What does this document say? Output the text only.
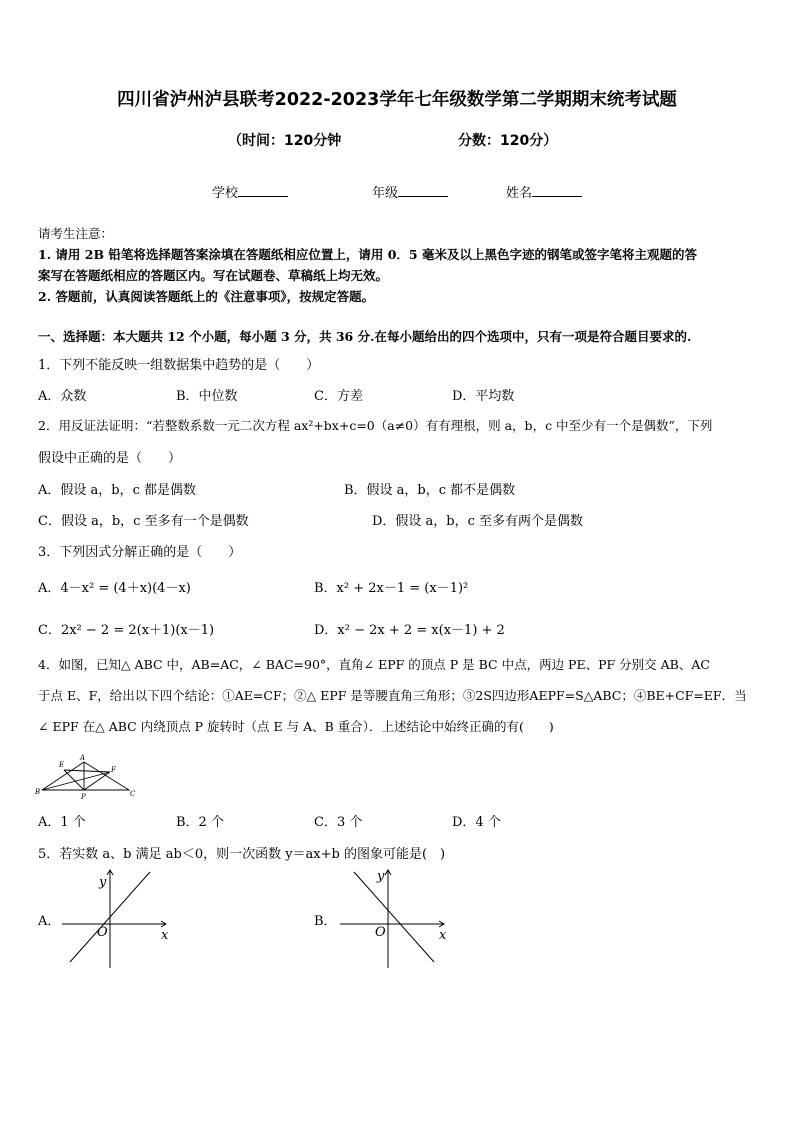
四川省泸州泸县联考2022-2023学年七年级数学第二学期期末统考试题
（时间：120分钟	分数：120分）
学校	年级	姓名
请考生注意：
1. 请用 2B 铅笔将选择题答案涂填在答题纸相应位置上，请用 0．5 毫米及以上黑色字迹的钢笔或签字笔将主观题的答
案写在答题纸相应的答题区内。写在试题卷、草稿纸上均无效。
2. 答题前，认真阅读答题纸上的《注意事项》，按规定答题。
一、选择题：本大题共 12 个小题，每小题 3 分，共 36 分.在每小题给出的四个选项中，只有一项是符合题目要求的.
1．下列不能反映一组数据集中趋势的是（　　）
A．众数	B．中位数	C．方差	D．平均数
2．用反证法证明：“若整数系数一元二次方程 ax²+bx+c=0（a≠0）有有理根，则 a，b，c 中至少有一个是偶数”，下列
假设中正确的是（　　）
A．假设 a，b，c 都是偶数	B．假设 a，b，c 都不是偶数
C．假设 a，b，c 至多有一个是偶数	D．假设 a，b，c 至多有两个是偶数
3．下列因式分解正确的是（　　）
A．4－x² = (4＋x)(4－x)	B．x² + 2x－1 = (x－1)²
C．2x² − 2 = 2(x＋1)(x－1)	D．x² − 2x + 2 = x(x－1) + 2
4．如图，已知△ ABC 中，AB=AC，∠ BAC=90°，直角∠ EPF 的顶点 P 是 BC 中点，两边 PE、PF 分别交 AB、AC
于点 E、F，给出以下四个结论：①AE=CF；②△ EPF 是等腰直角三角形；③2S四边形AEPF=S△ABC；④BE+CF=EF．当
∠ EPF 在△ ABC 内绕顶点 P 旋转时（点 E 与 A、B 重合）．上述结论中始终正确的有(　　)
A
B	C
E
F
P
A．1 个	B．2 个	C．3 个	D．4 个
5．若实数 a、b 满足 ab＜0，则一次函数 y＝ax+b 的图象可能是(　)
A．
y
x
O
B．
y
x
O
